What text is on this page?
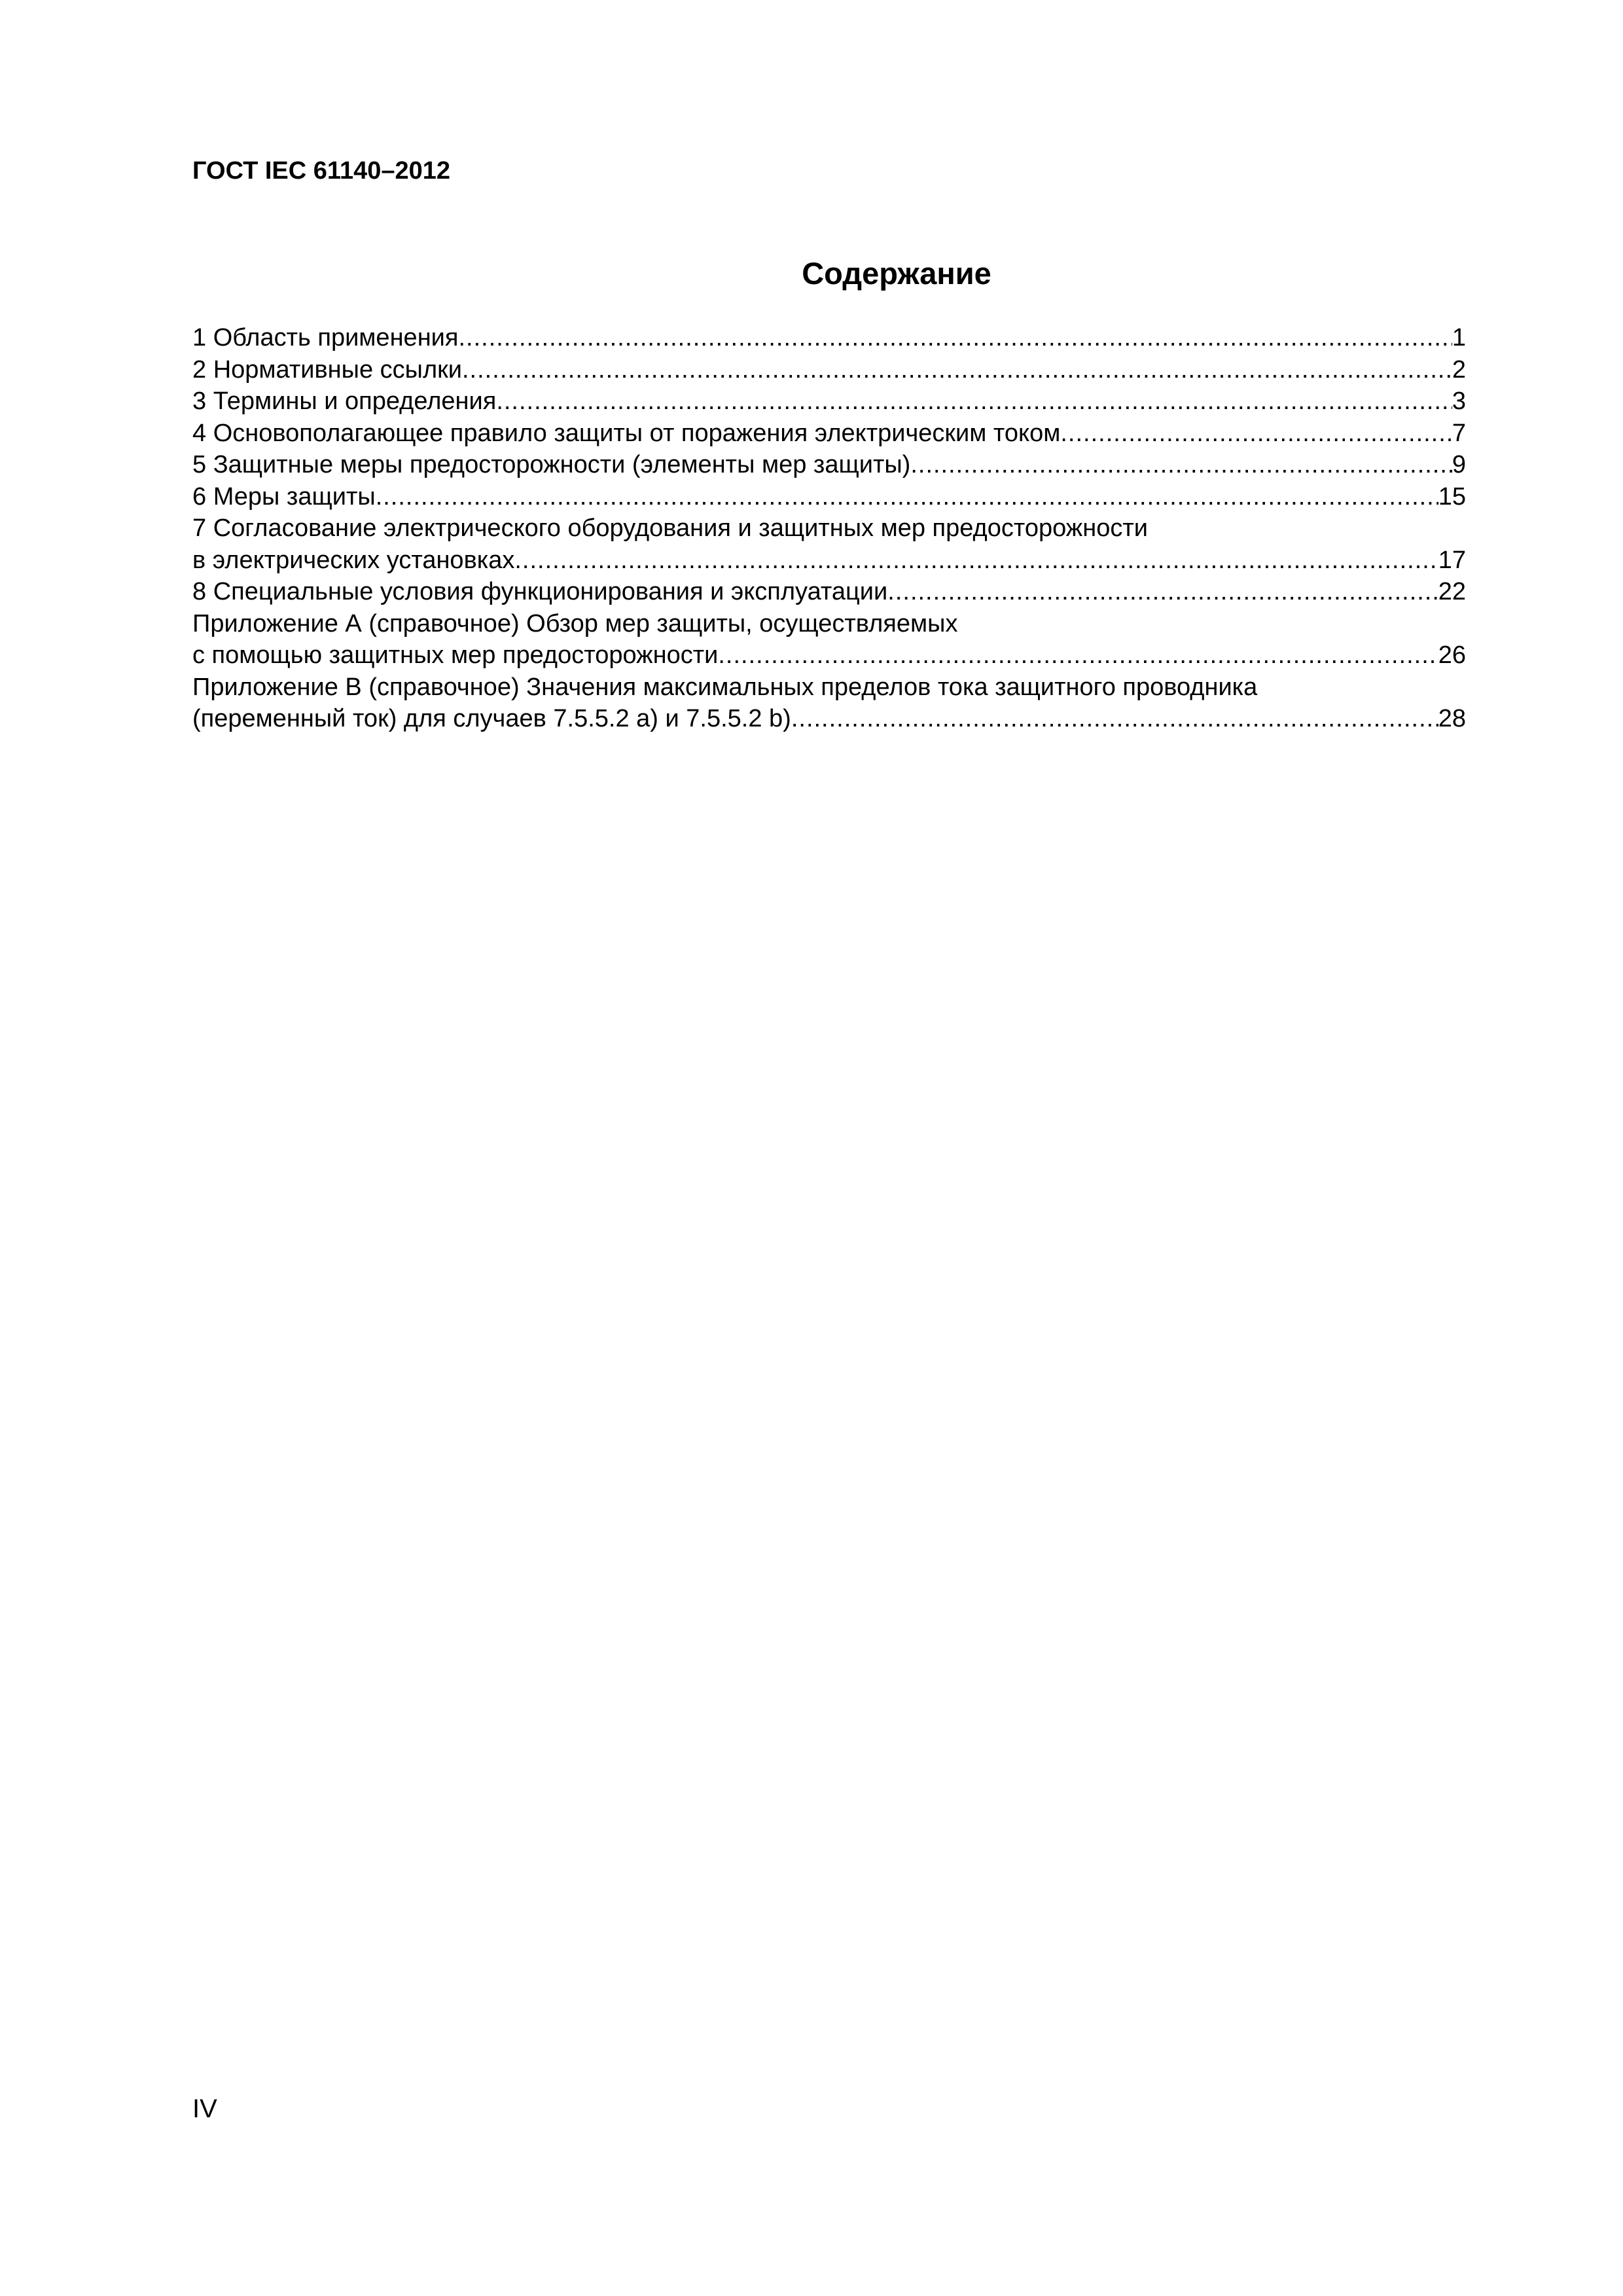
ГОСТ IEC 61140–2012
Содержание
1 Область применения .....	1
2 Нормативные ссылки .....	2
3 Термины и определения .....	3
4 Основополагающее правило защиты от поражения электрическим током .....	7
5 Защитные меры предосторожности (элементы мер защиты) .....	9
6 Меры защиты .....	15
7 Согласование электрического оборудования и защитных мер предосторожности
в электрических установках .....	17
8 Специальные условия функционирования и эксплуатации .....	22
Приложение А (справочное) Обзор мер защиты, осуществляемых
с помощью защитных мер предосторожности .....	26
Приложение В (справочное) Значения максимальных пределов тока защитного проводника
(переменный ток) для случаев 7.5.5.2 a) и 7.5.5.2 b) .....	28
IV
